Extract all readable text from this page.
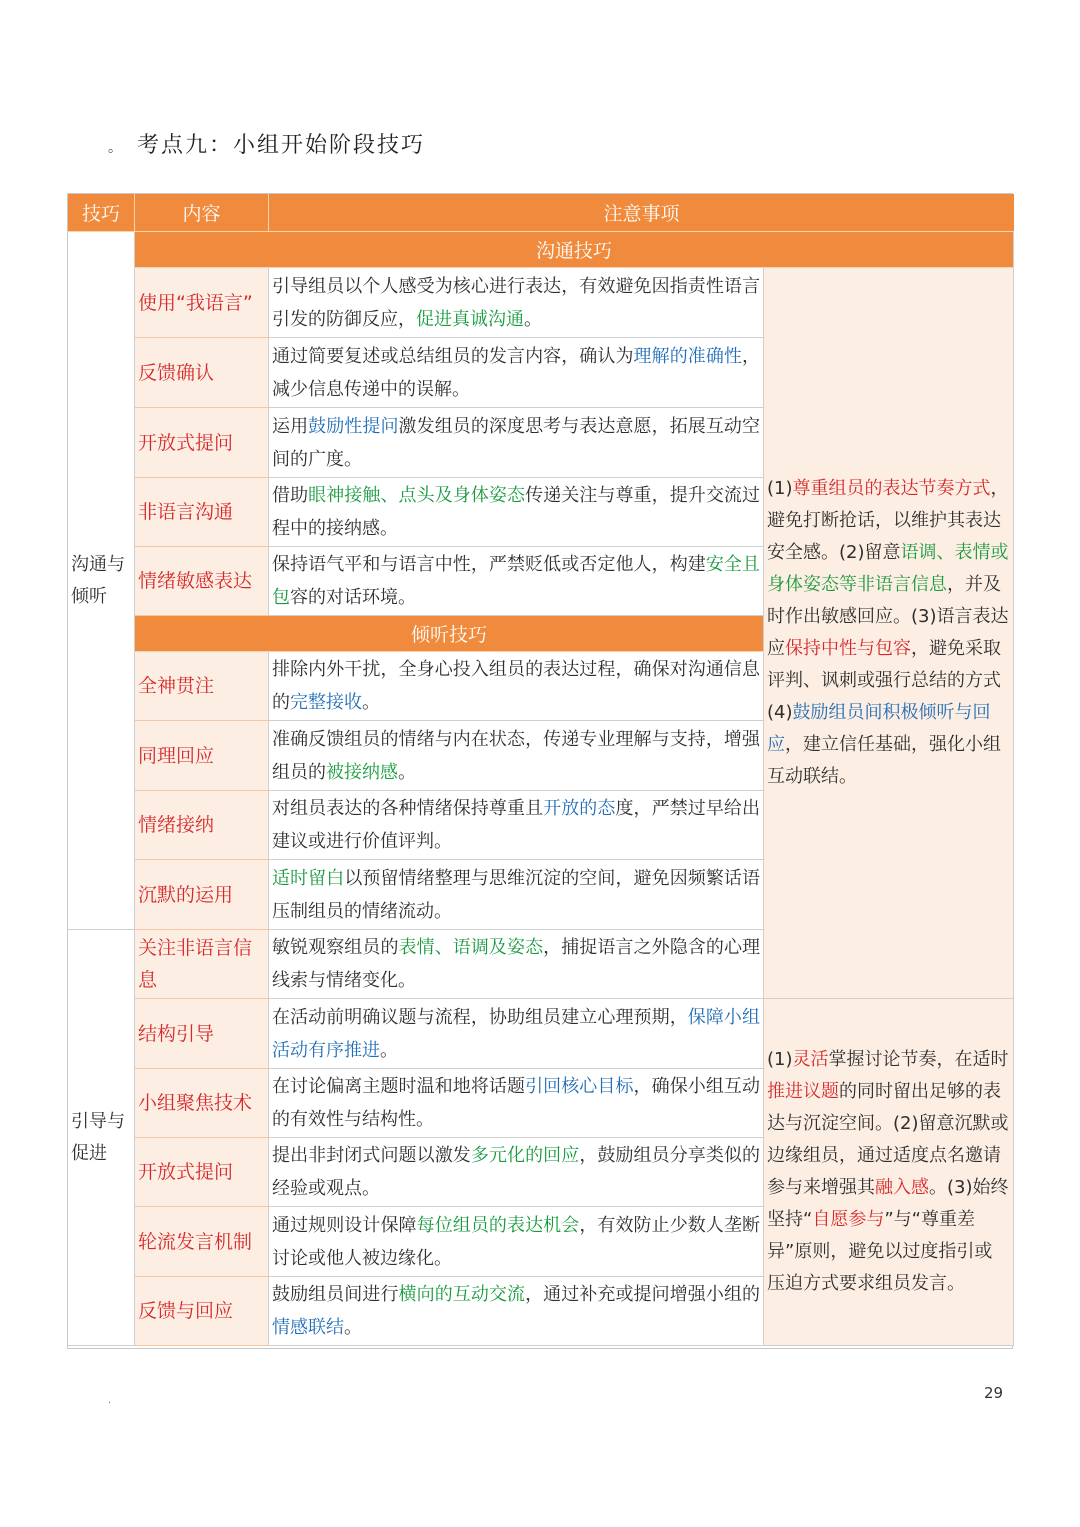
。 考点九：小组开始阶段技巧
技巧	内容	注意事项
沟通与倾听
引导与促进
沟通技巧
使用“我语言”
引导组员以个人感受为核心进行表达，有效避免因指责性语言引发的防御反应，促进真诚沟通。
反馈确认
通过简要复述或总结组员的发言内容，确认为理解的准确性，减少信息传递中的误解。
开放式提问
运用鼓励性提问激发组员的深度思考与表达意愿，拓展互动空间的广度。
非语言沟通
借助眼神接触、点头及身体姿态传递关注与尊重，提升交流过程中的接纳感。
情绪敏感表达
保持语气平和与语言中性，严禁贬低或否定他人，构建安全且包容的对话环境。
倾听技巧
全神贯注
排除内外干扰，全身心投入组员的表达过程，确保对沟通信息的完整接收。
同理回应
准确反馈组员的情绪与内在状态，传递专业理解与支持，增强组员的被接纳感。
情绪接纳
对组员表达的各种情绪保持尊重且开放的态度，严禁过早给出建议或进行价值评判。
沉默的运用
适时留白以预留情绪整理与思维沉淀的空间，避免因频繁话语压制组员的情绪流动。
关注非语言信息
敏锐观察组员的表情、语调及姿态，捕捉语言之外隐含的心理线索与情绪变化。
(1)尊重组员的表达节奏方式，避免打断抢话，以维护其表达安全感。(2)留意语调、表情或身体姿态等非语言信息，并及时作出敏感回应。(3)语言表达应保持中性与包容，避免采取评判、讽刺或强行总结的方式(4)鼓励组员间积极倾听与回应，建立信任基础，强化小组互动联结。
结构引导
在活动前明确议题与流程，协助组员建立心理预期，保障小组活动有序推进。
小组聚焦技术
在讨论偏离主题时温和地将话题引回核心目标，确保小组互动的有效性与结构性。
开放式提问
提出非封闭式问题以激发多元化的回应，鼓励组员分享类似的经验或观点。
轮流发言机制
通过规则设计保障每位组员的表达机会，有效防止少数人垄断讨论或他人被边缘化。
反馈与回应
鼓励组员间进行横向的互动交流，通过补充或提问增强小组的情感联结。
(1)灵活掌握讨论节奏，在适时推进议题的同时留出足够的表达与沉淀空间。(2)留意沉默或边缘组员，通过适度点名邀请参与来增强其融入感。(3)始终坚持“自愿参与”与“尊重差异”原则，避免以过度指引或压迫方式要求组员发言。
29
·
